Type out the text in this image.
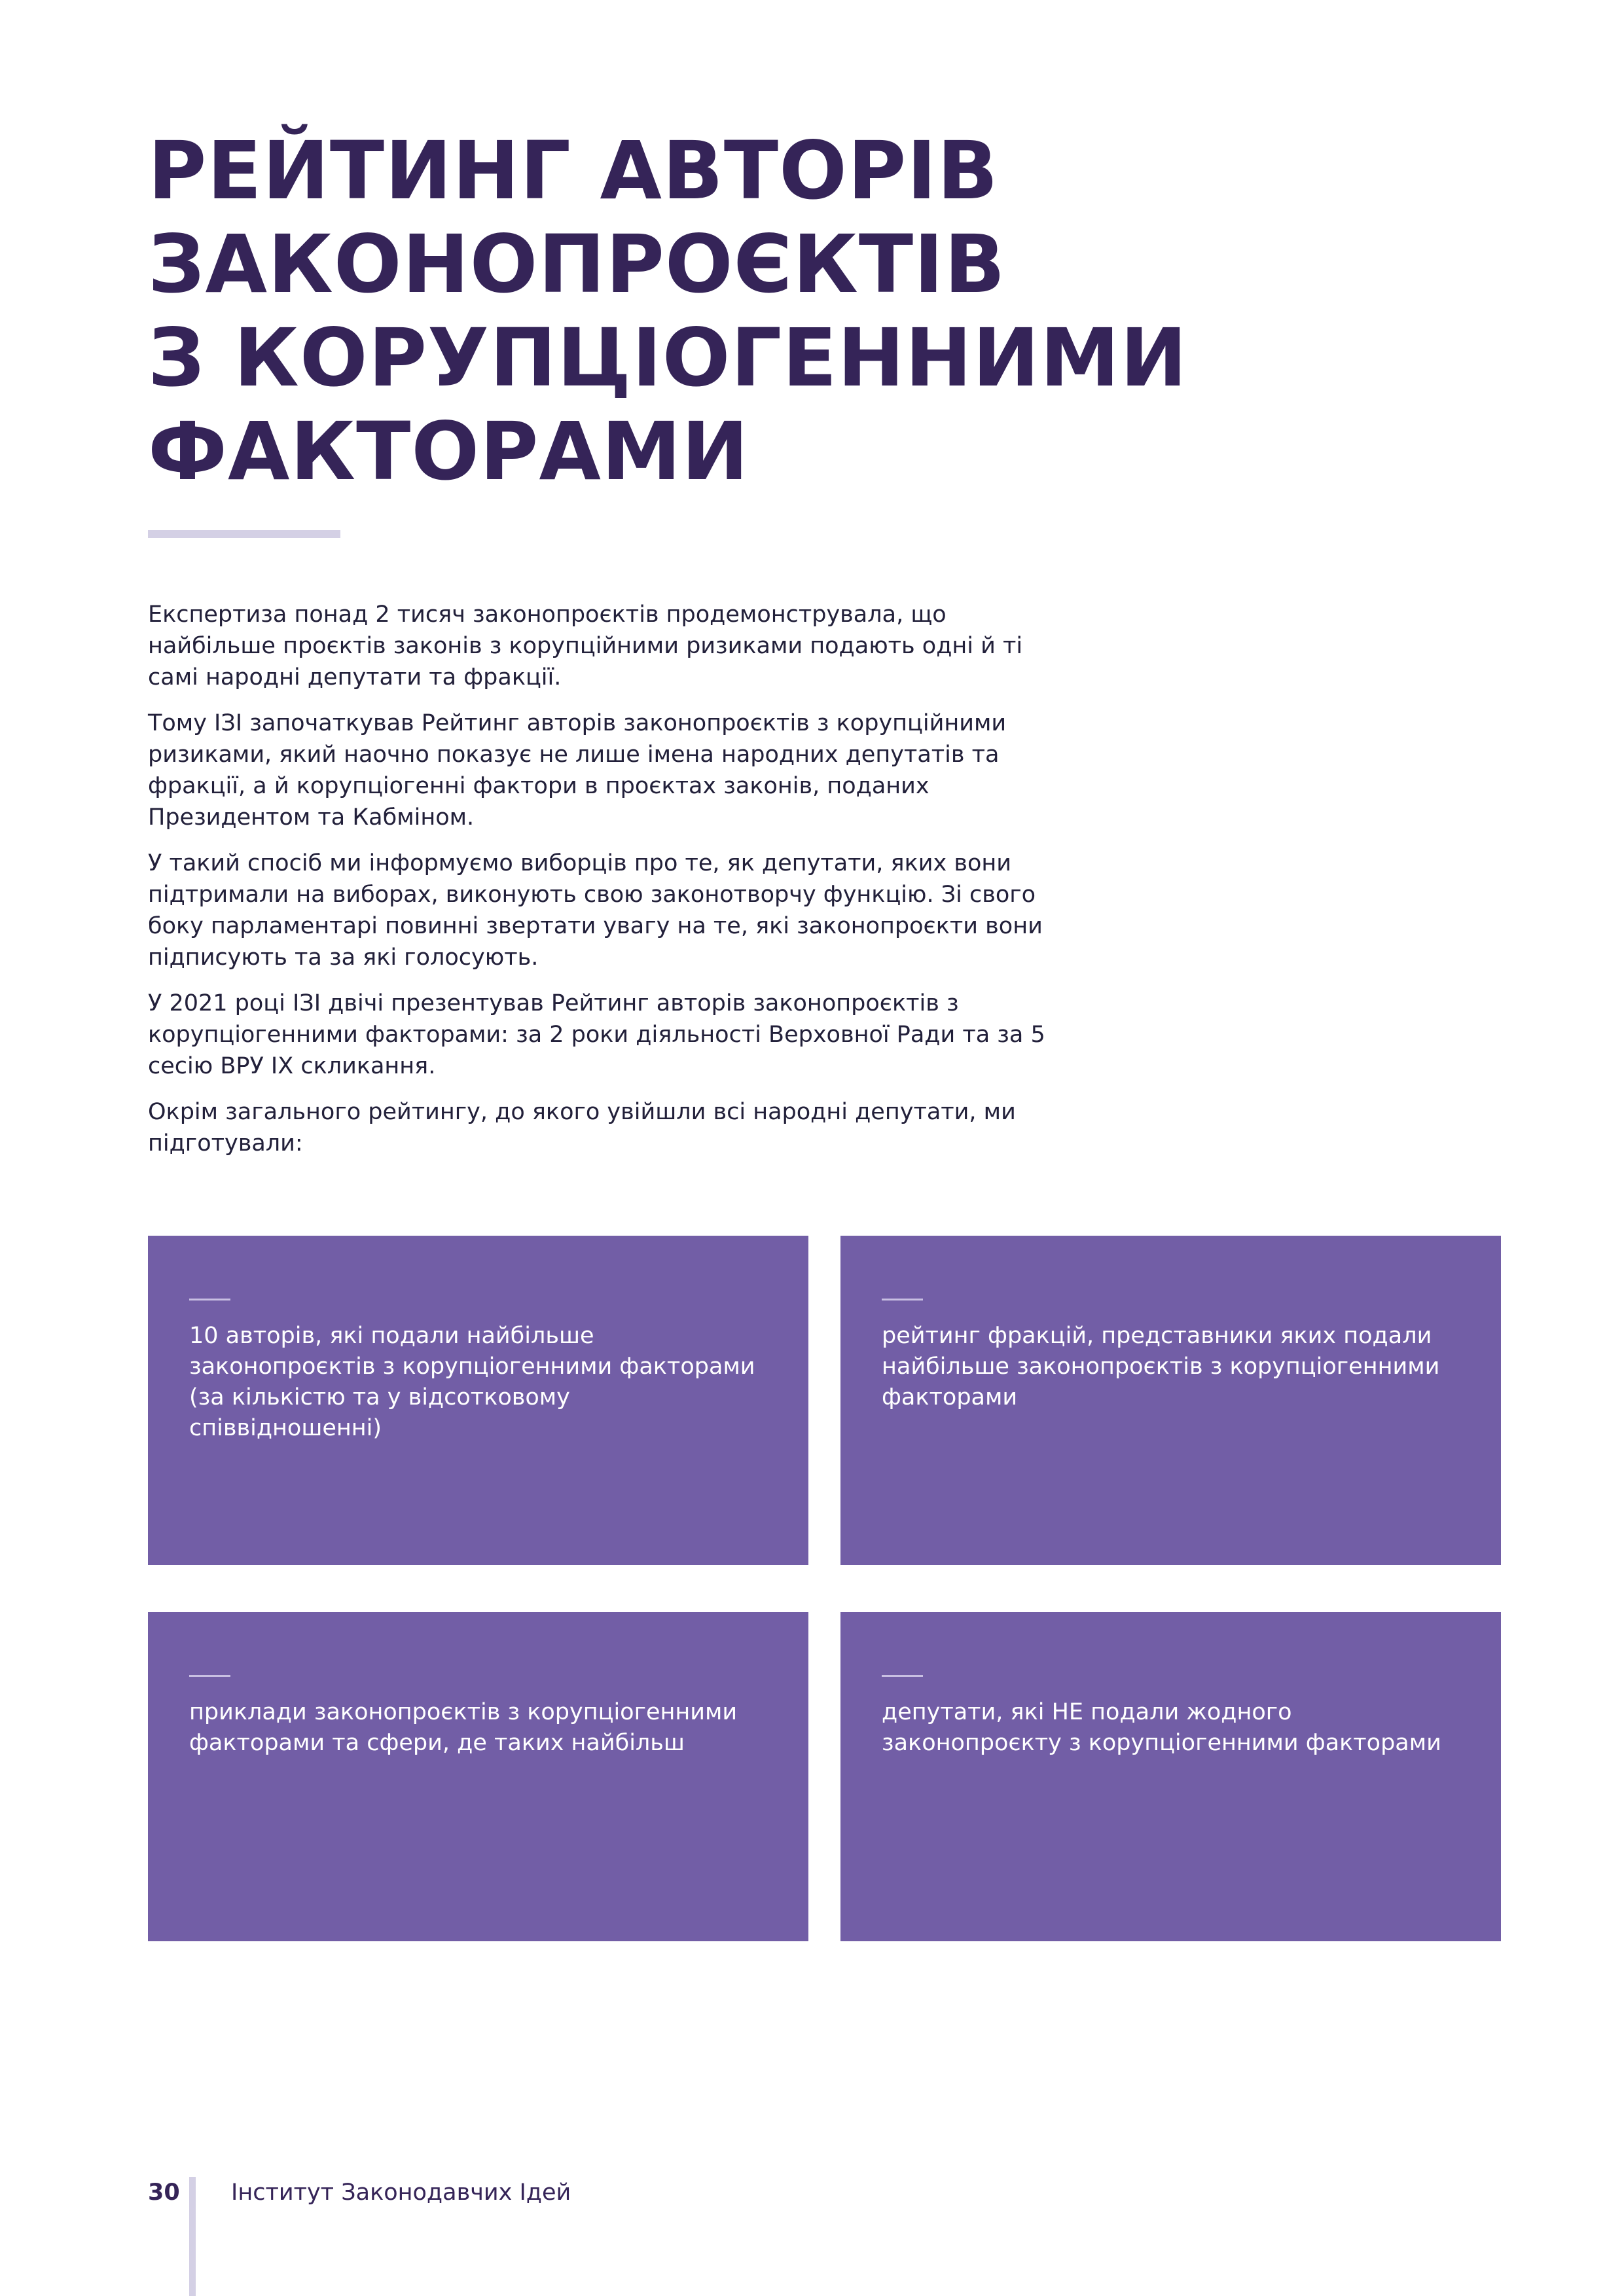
РЕЙТИНГ АВТОРІВ
ЗАКОНОПРОЄКТІВ
З КОРУПЦІОГЕННИМИ
ФАКТОРАМИ

Експертиза понад 2 тисяч законопроєктів продемонструвала, що найбільше проєктів законів з корупційними ризиками подають одні й ті самі народні депутати та фракції.

Тому ІЗІ започаткував Рейтинг авторів законопроєктів з корупційними ризиками, який наочно показує не лише імена народних депутатів та фракції, а й корупціогенні фактори в проєктах законів, поданих Президентом та Кабміном.

У такий спосіб ми інформуємо виборців про те, як депутати, яких вони підтримали на виборах, виконують свою законотворчу функцію. Зі свого боку парламентарі повинні звертати увагу на те, які законопроєкти вони підписують та за які голосують.

У 2021 році ІЗІ двічі презентував Рейтинг авторів законопроєктів з корупціогенними факторами: за 2 роки діяльності Верховної Ради та за 5 сесію ВРУ IX скликання.

Окрім загального рейтингу, до якого увійшли всі народні депутати, ми підготували:

10 авторів, які подали найбільше законопроєктів з корупціогенними факторами (за кількістю та у відсотковому співвідношенні)
рейтинг фракцій, представники яких подали найбільше законопроєктів з корупціогенними факторами
приклади законопроєктів з корупціогенними факторами та сфери, де таких найбільш
депутати, які НЕ подали жодного законопроєкту з корупціогенними факторами
30 Інститут Законодавчих Ідей
